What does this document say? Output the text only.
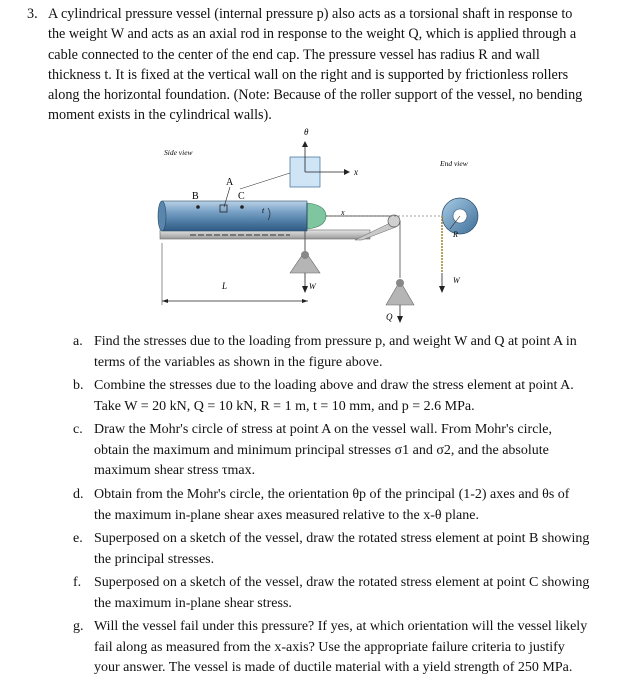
3. A cylindrical pressure vessel (internal pressure p) also acts as a torsional shaft in response to
the weight W and acts as an axial rod in response to the weight Q, which is applied through a
cable connected to the center of the end cap. The pressure vessel has radius R and wall
thickness t. It is fixed at the vertical wall on the right and is supported by frictionless rollers
along the horizontal foundation. (Note: Because of the roller support of the vessel, no bending
moment exists in the cylindrical walls).
Side view
L
B
A
C
t
θ
x
x
W
Q
End view
R
W
a. Find the stresses due to the loading from pressure p, and weight W and Q at point A in
terms of the variables as shown in the figure above.
b. Combine the stresses due to the loading above and draw the stress element at point A.
Take W = 20 kN, Q = 10 kN, R = 1 m, t = 10 mm, and p = 2.6 MPa.
c. Draw the Mohr's circle of stress at point A on the vessel wall. From Mohr's circle,
obtain the maximum and minimum principal stresses σ1 and σ2, and the absolute
maximum shear stress τmax.
d. Obtain from the Mohr's circle, the orientation θp of the principal (1-2) axes and θs of
the maximum in-plane shear axes measured relative to the x-θ plane.
e. Superposed on a sketch of the vessel, draw the rotated stress element at point B showing
the principal stresses.
f. Superposed on a sketch of the vessel, draw the rotated stress element at point C showing
the maximum in-plane shear stress.
g. Will the vessel fail under this pressure? If yes, at which orientation will the vessel likely
fail along as measured from the x-axis? Use the appropriate failure criteria to justify
your answer. The vessel is made of ductile material with a yield strength of 250 MPa.
